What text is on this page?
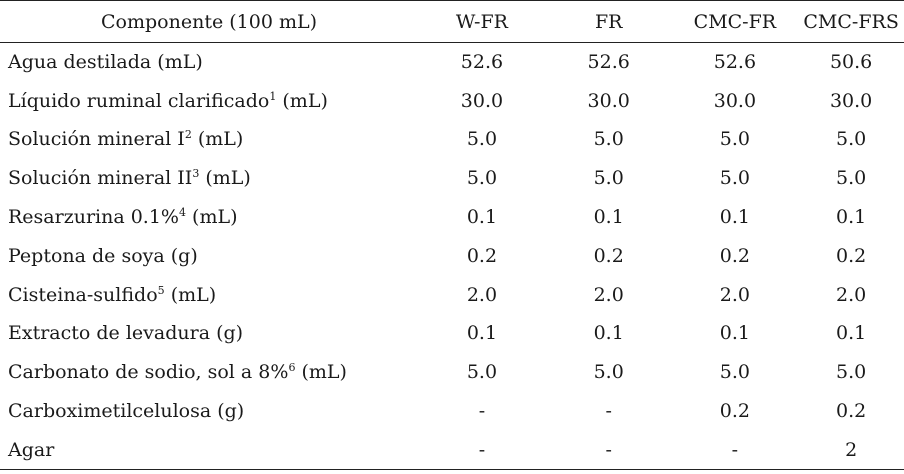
Componente (100 mL)	W-FR	FR	CMC-FR	CMC-FRS
Agua destilada (mL)	52.6	52.6	52.6	50.6
Líquido ruminal clarificado$^1$ (mL)	30.0	30.0	30.0	30.0
Solución mineral $I^2$ (mL)	5.0	5.0	5.0	5.0
Solución mineral $II^3$ (mL)	5.0	5.0	5.0	5.0
Resarzurina 0.1%$^4$ (mL)	0.1	0.1	0.1	0.1
Peptona de soya (g)	0.2	0.2	0.2	0.2
Cisteina-sulfido$^5$ (mL)	2.0	2.0	2.0	2.0
Extracto de levadura (g)	0.1	0.1	0.1	0.1
Carbonato de sodio, sol a 8%$^6$ (mL)	5.0	5.0	5.0	5.0
Carboximetilcelulosa (g)	-	-	0.2	0.2
Agar	-	-	-	2
